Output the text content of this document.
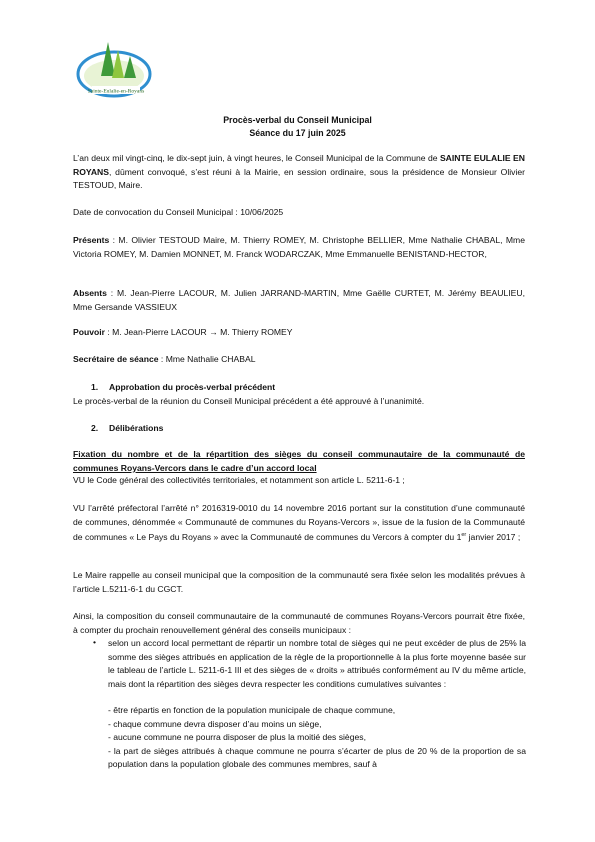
Sainte-Eulalie-en-Royans
Procès-verbal du Conseil Municipal
Séance du 17 juin 2025

L’an deux mil vingt-cinq, le dix-sept juin, à vingt heures, le Conseil Municipal de la Commune de SAINTE EULALIE EN ROYANS, dûment convoqué, s’est réuni à la Mairie, en session ordinaire, sous la présidence de Monsieur Olivier TESTOUD, Maire.

Date de convocation du Conseil Municipal : 10/06/2025

Présents : M. Olivier TESTOUD Maire, M. Thierry ROMEY, M. Christophe BELLIER, Mme Nathalie CHABAL, Mme Victoria ROMEY, M. Damien MONNET, M. Franck WODARCZAK, Mme Emmanuelle BENISTAND-HECTOR,

Absents : M. Jean-Pierre LACOUR, M. Julien JARRAND-MARTIN, Mme Gaëlle CURTET, M. Jérémy BEAULIEU, Mme Gersande VASSIEUX

Pouvoir : M. Jean-Pierre LACOUR → M. Thierry ROMEY

Secrétaire de séance : Mme Nathalie CHABAL

1. Approbation du procès-verbal précédent

Le procès-verbal de la réunion du Conseil Municipal précédent a été approuvé à l’unanimité.

2. Délibérations

Fixation du nombre et de la répartition des sièges du conseil communautaire de la communauté de communes Royans-Vercors dans le cadre d’un accord local

VU le Code général des collectivités territoriales, et notamment son article L. 5211-6-1 ;

VU l’arrêté préfectoral l’arrêté n° 2016319-0010 du 14 novembre 2016 portant sur la constitution d’une communauté de communes, dénommée « Communauté de communes du Royans-Vercors », issue de la fusion de la Communauté de communes « Le Pays du Royans » avec la Communauté de communes du Vercors à compter du 1er janvier 2017 ;

Le Maire rappelle au conseil municipal que la composition de la communauté sera fixée selon les modalités prévues à l’article L.5211-6-1 du CGCT.

Ainsi, la composition du conseil communautaire de la communauté de communes Royans-Vercors pourrait être fixée, à compter du prochain renouvellement général des conseils municipaux :

• selon un accord local permettant de répartir un nombre total de sièges qui ne peut excéder de plus de 25% la somme des sièges attribués en application de la règle de la proportionnelle à la plus forte moyenne basée sur le tableau de l’article L. 5211-6-1 III et des sièges de « droits » attribués conformément au IV du même article, mais dont la répartition des sièges devra respecter les conditions cumulatives suivantes :

- être répartis en fonction de la population municipale de chaque commune,
- chaque commune devra disposer d’au moins un siège,
- aucune commune ne pourra disposer de plus la moitié des sièges,
- la part de sièges attribués à chaque commune ne pourra s’écarter de plus de 20 % de la proportion de sa population dans la population globale des communes membres, sauf à
